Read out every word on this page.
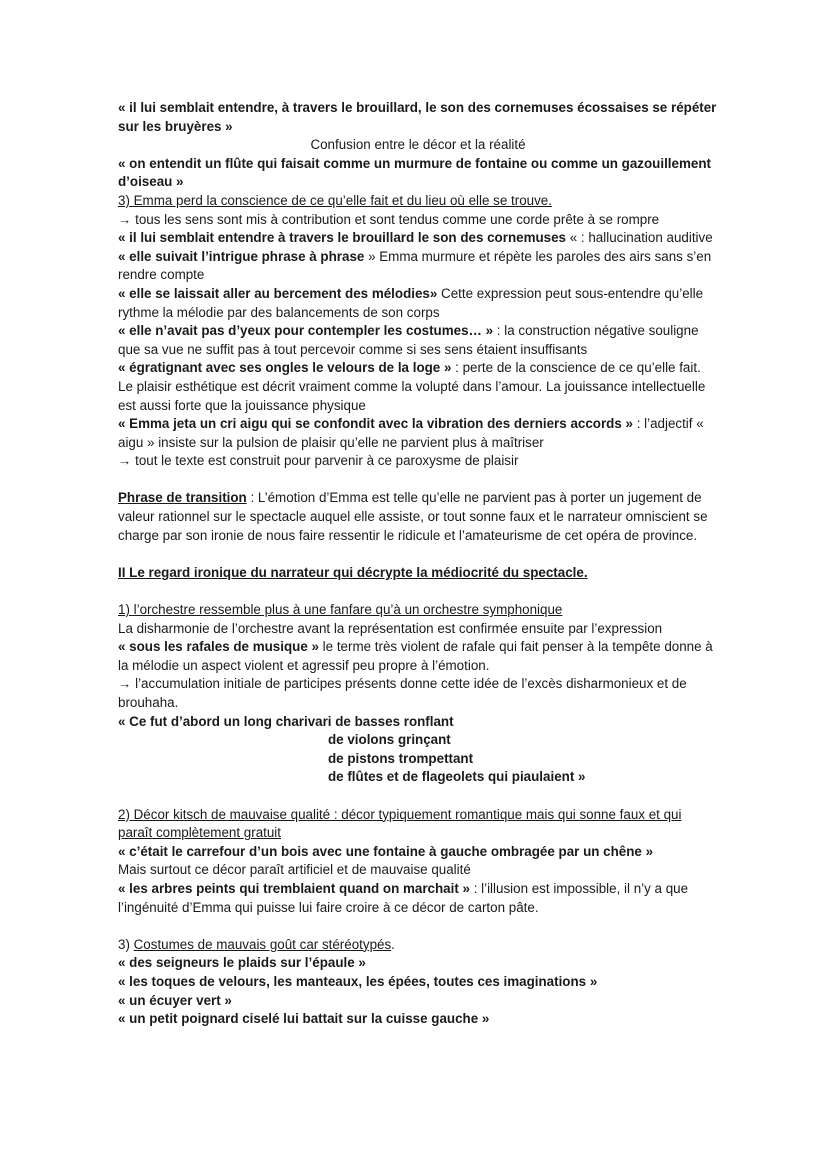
« il lui semblait entendre, à travers le brouillard, le son des cornemuses écossaises se répéter sur les bruyères »

Confusion entre le décor et la réalité

« on entendit un flûte qui faisait comme un murmure de fontaine ou comme un gazouillement d’oiseau »

3) Emma perd la conscience de ce qu’elle fait et du lieu où elle se trouve.

→ tous les sens sont mis à contribution et sont tendus comme une corde prête à se rompre

« il lui semblait entendre à travers le brouillard le son des cornemuses « : hallucination auditive

« elle suivait l’intrigue phrase à phrase » Emma murmure et répète les paroles des airs sans s’en rendre compte

« elle se laissait aller au bercement des mélodies» Cette expression peut sous-entendre qu’elle rythme la mélodie par des balancements de son corps

« elle n’avait pas d’yeux pour contempler les costumes… » : la construction négative souligne que sa vue ne suffit pas à tout percevoir comme si ses sens étaient insuffisants

« égratignant avec ses ongles le velours de la loge » : perte de la conscience de ce qu’elle fait. Le plaisir esthétique est décrit vraiment comme la volupté dans l’amour. La jouissance intellectuelle est aussi forte que la jouissance physique

« Emma jeta un cri aigu qui se confondit avec la vibration des derniers accords » : l’adjectif « aigu » insiste sur la pulsion de plaisir qu’elle ne parvient plus à maîtriser

→ tout le texte est construit pour parvenir à ce paroxysme de plaisir

Phrase de transition : L’émotion d’Emma est telle qu’elle ne parvient pas à porter un jugement de valeur rationnel sur le spectacle auquel elle assiste, or tout sonne faux et le narrateur omniscient se charge par son ironie de nous faire ressentir le ridicule et l’amateurisme de cet opéra de province.

II Le regard ironique du narrateur qui décrypte la médiocrité du spectacle.

1) l’orchestre ressemble plus à une fanfare qu’à un orchestre symphonique

La disharmonie de l’orchestre avant la représentation est confirmée ensuite par l’expression

« sous les rafales de musique » le terme très violent de rafale qui fait penser à la tempête donne à la mélodie un aspect violent et agressif peu propre à l’émotion.

→ l’accumulation initiale de participes présents donne cette idée de l’excès disharmonieux et de brouhaha.

« Ce fut d’abord un long charivari de basses ronflant

de violons grinçant

de pistons trompettant

de flûtes et de flageolets qui piaulaient »

2) Décor kitsch de mauvaise qualité : décor typiquement romantique mais qui sonne faux et qui paraît complètement gratuit

« c’était le carrefour d’un bois avec une fontaine à gauche ombragée par un chêne »

Mais surtout ce décor paraît artificiel et de mauvaise qualité

« les arbres peints qui tremblaient quand on marchait » : l’illusion est impossible, il n’y a que l’ingénuité d’Emma qui puisse lui faire croire à ce décor de carton pâte.

3) Costumes de mauvais goût car stéréotypés.

« des seigneurs le plaids sur l’épaule »

« les toques de velours, les manteaux, les épées, toutes ces imaginations »

« un écuyer vert »

« un petit poignard ciselé lui battait sur la cuisse gauche »
